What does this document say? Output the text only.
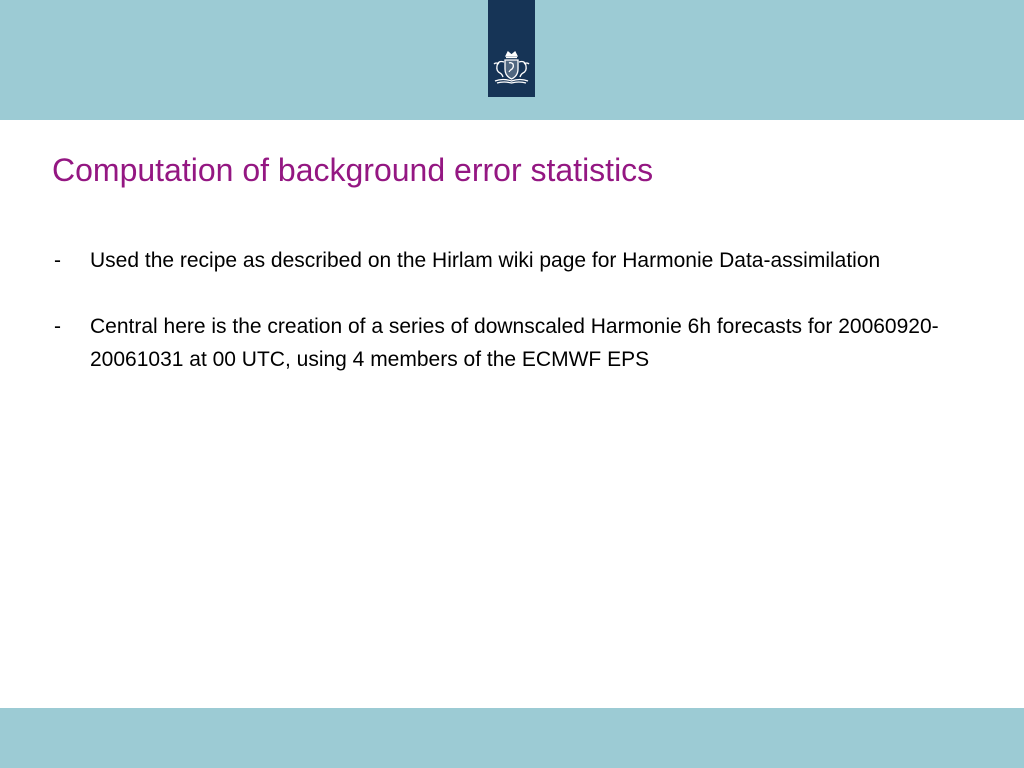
Computation of background error statistics
- Used the recipe as described on the Hirlam wiki page for Harmonie Data-assimilation
- Central here is the creation of a series of downscaled Harmonie 6h forecasts for 20060920-20061031 at 00 UTC, using 4 members of the ECMWF EPS
